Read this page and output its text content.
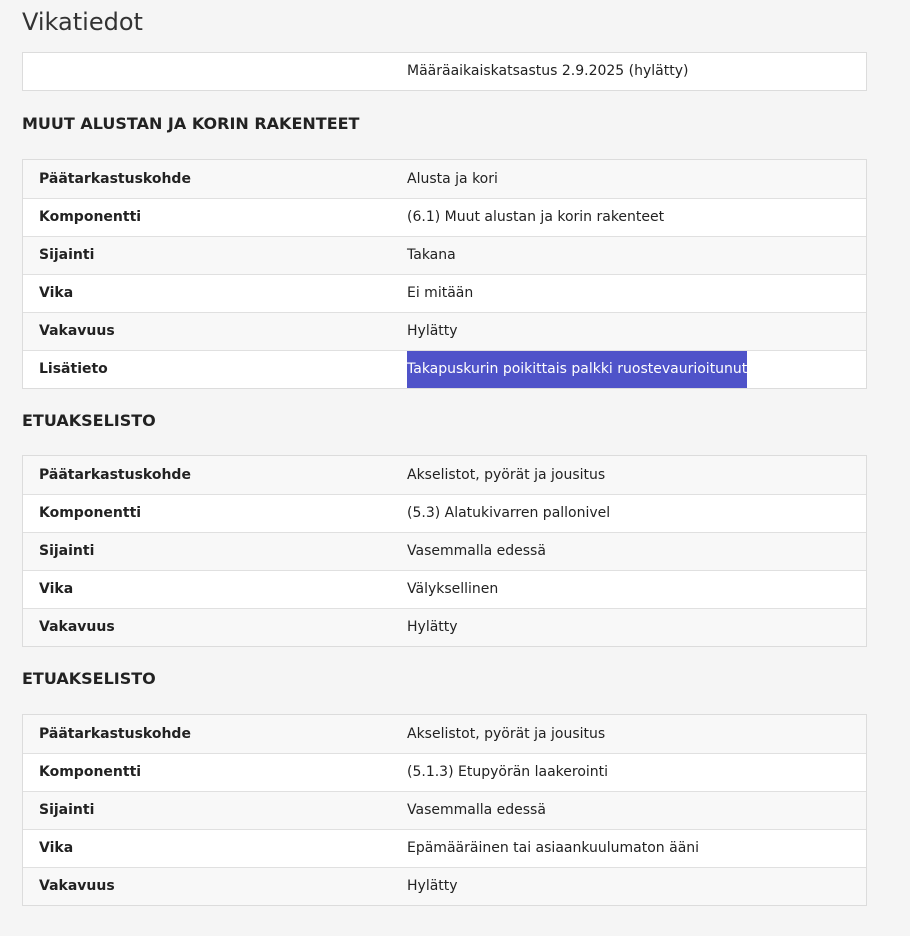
Vikatiedot
Määräaikaiskatsastus 2.9.2025 (hylätty)
MUUT ALUSTAN JA KORIN RAKENTEET
Päätarkastuskohde	Alusta ja kori
Komponentti	(6.1) Muut alustan ja korin rakenteet
Sijainti	Takana
Vika	Ei mitään
Vakavuus	Hylätty
Lisätieto	Takapuskurin poikittais palkki ruostevaurioitunut
ETUAKSELISTO
Päätarkastuskohde	Akselistot, pyörät ja jousitus
Komponentti	(5.3) Alatukivarren pallonivel
Sijainti	Vasemmalla edessä
Vika	Välyksellinen
Vakavuus	Hylätty
ETUAKSELISTO
Päätarkastuskohde	Akselistot, pyörät ja jousitus
Komponentti	(5.1.3) Etupyörän laakerointi
Sijainti	Vasemmalla edessä
Vika	Epämääräinen tai asiaankuulumaton ääni
Vakavuus	Hylätty
